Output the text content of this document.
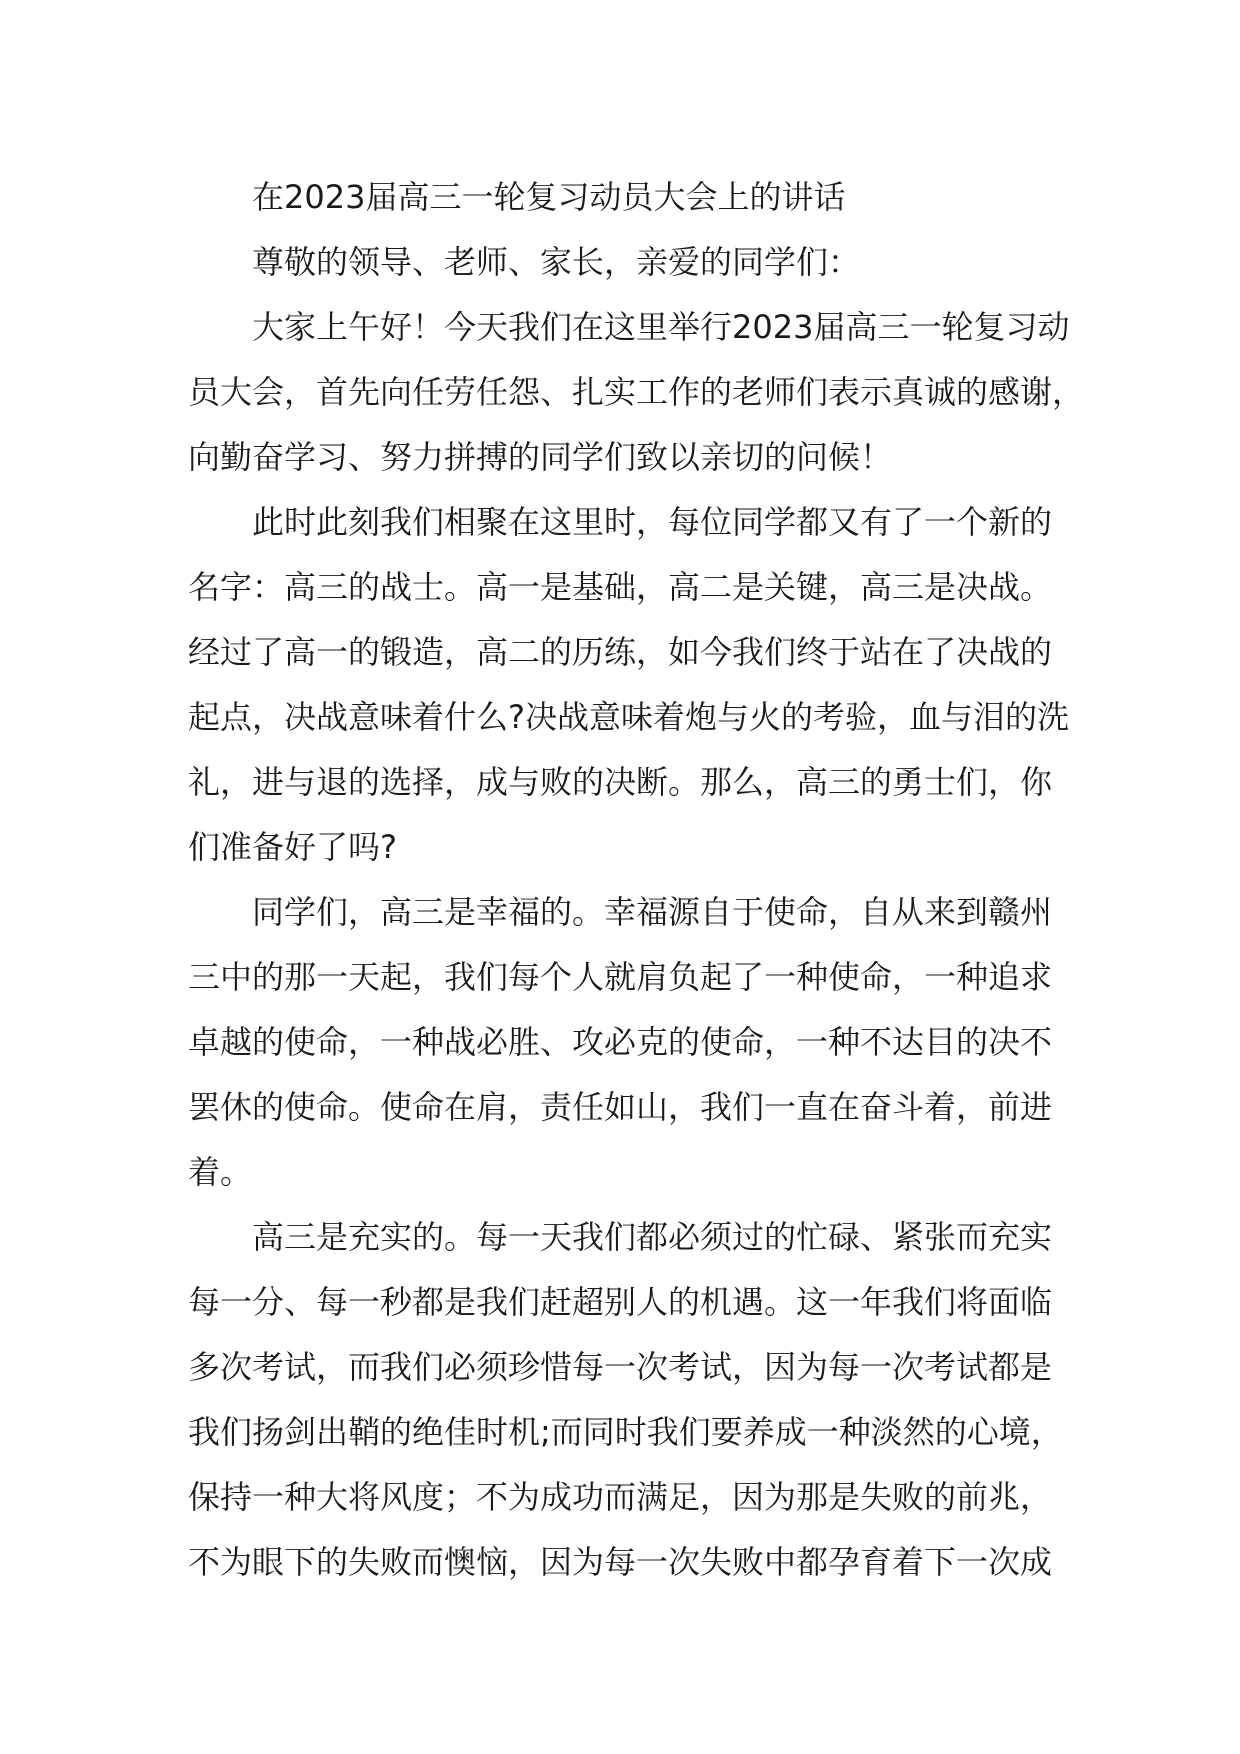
在2023届高三一轮复习动员大会上的讲话

尊敬的领导、老师、家长，亲爱的同学们：

大家上午好！今天我们在这里举行2023届高三一轮复习动
员大会，首先向任劳任怨、扎实工作的老师们表示真诚的感谢，
向勤奋学习、努力拼搏的同学们致以亲切的问候！

此时此刻我们相聚在这里时，每位同学都又有了一个新的
名字：高三的战士。高一是基础，高二是关键，高三是决战。
经过了高一的锻造，高二的历练，如今我们终于站在了决战的
起点，决战意味着什么?决战意味着炮与火的考验，血与泪的洗
礼，进与退的选择，成与败的决断。那么，高三的勇士们，你
们准备好了吗?

同学们，高三是幸福的。幸福源自于使命，自从来到赣州
三中的那一天起，我们每个人就肩负起了一种使命，一种追求
卓越的使命，一种战必胜、攻必克的使命，一种不达目的决不
罢休的使命。使命在肩，责任如山，我们一直在奋斗着，前进
着。

高三是充实的。每一天我们都必须过的忙碌、紧张而充实
每一分、每一秒都是我们赶超别人的机遇。这一年我们将面临
多次考试，而我们必须珍惜每一次考试，因为每一次考试都是
我们扬剑出鞘的绝佳时机;而同时我们要养成一种淡然的心境，
保持一种大将风度；不为成功而满足，因为那是失败的前兆，
不为眼下的失败而懊恼，因为每一次失败中都孕育着下一次成
